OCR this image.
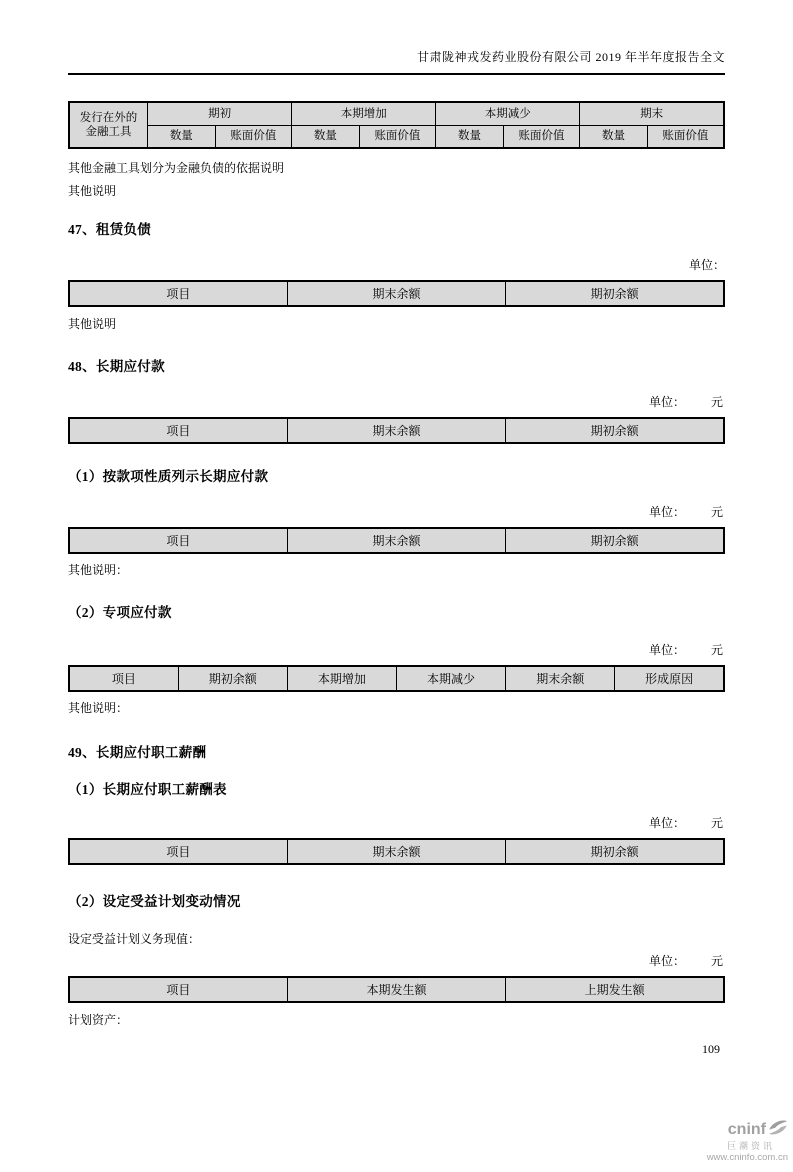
甘肃陇神戎发药业股份有限公司 2019 年半年度报告全文
发行在外的
金融工具	期初		本期增加		本期减少		期末	
	数量	账面价值	数量	账面价值	数量	账面价值	数量	账面价值
其他金融工具划分为金融负债的依据说明
其他说明
47、租赁负债
单位：
项目	期末余额	期初余额
其他说明
48、长期应付款
单位： 元
项目	期末余额	期初余额
（1）按款项性质列示长期应付款
单位： 元
项目	期末余额	期初余额
其他说明：
（2）专项应付款
单位： 元
项目	期初余额	本期增加	本期减少	期末余额	形成原因
其他说明：
49、长期应付职工薪酬
（1）长期应付职工薪酬表
单位： 元
项目	期末余额	期初余额
（2）设定受益计划变动情况
设定受益计划义务现值：
单位： 元
项目	本期发生额	上期发生额
计划资产：
109
cninf
巨潮资讯
www.cninfo.com.cn
